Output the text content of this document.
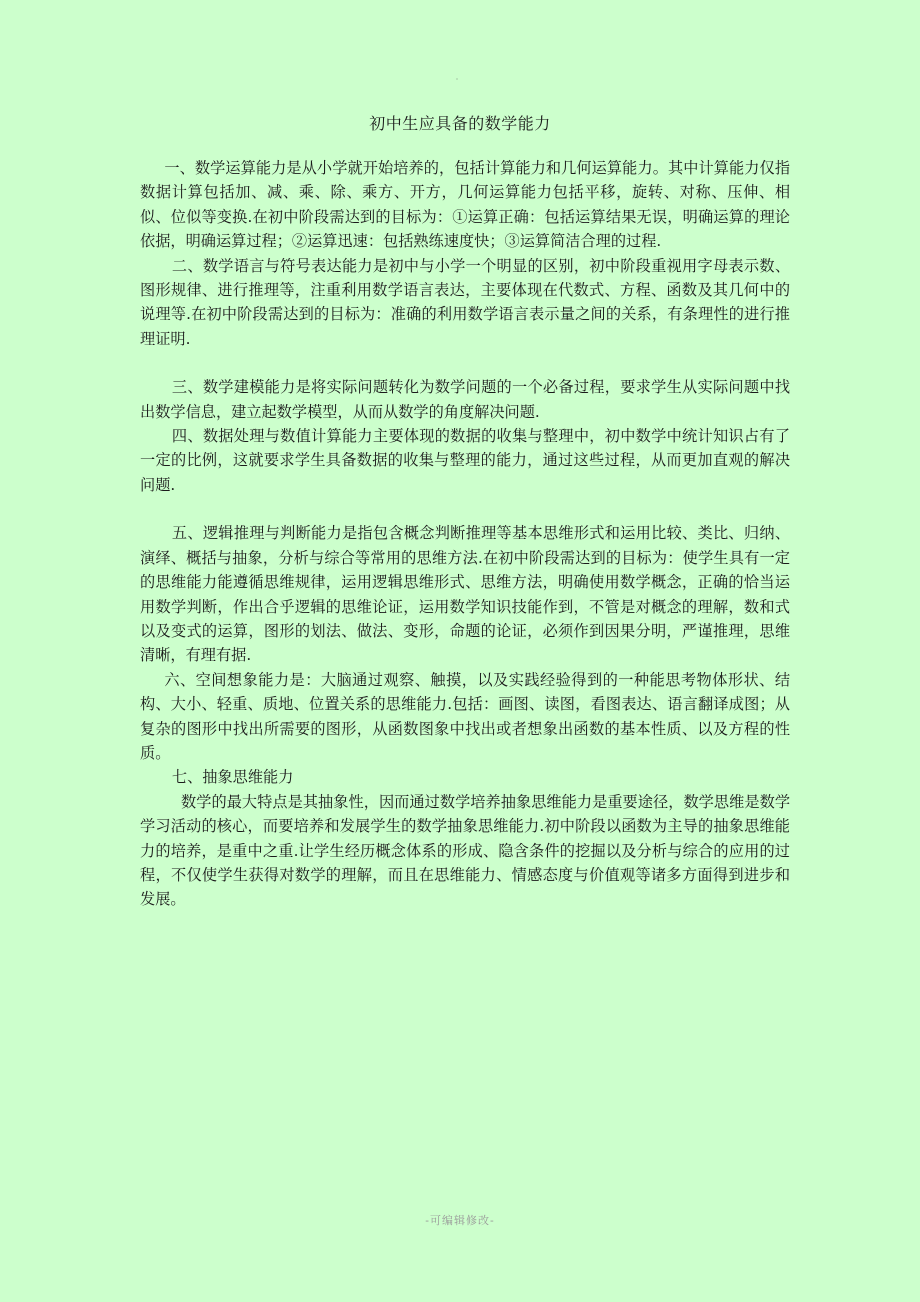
初中生应具备的数学能力

一、数学运算能力是从小学就开始培养的，包括计算能力和几何运算能力。其中计算能力仅指数据计算包括加、减、乘、除、乘方、开方，几何运算能力包括平移，旋转、对称、压伸、相似、位似等变换.在初中阶段需达到的目标为：①运算正确：包括运算结果无误，明确运算的理论依据，明确运算过程；②运算迅速：包括熟练速度快；③运算简洁合理的过程.

二、数学语言与符号表达能力是初中与小学一个明显的区别，初中阶段重视用字母表示数、图形规律、进行推理等，注重利用数学语言表达，主要体现在代数式、方程、函数及其几何中的说理等.在初中阶段需达到的目标为：准确的利用数学语言表示量之间的关系，有条理性的进行推理证明.

三、数学建模能力是将实际问题转化为数学问题的一个必备过程，要求学生从实际问题中找出数学信息，建立起数学模型，从而从数学的角度解决问题.

四、数据处理与数值计算能力主要体现的数据的收集与整理中，初中数学中统计知识占有了一定的比例，这就要求学生具备数据的收集与整理的能力，通过这些过程，从而更加直观的解决问题.

五、逻辑推理与判断能力是指包含概念判断推理等基本思维形式和运用比较、类比、归纳、演绎、概括与抽象，分析与综合等常用的思维方法.在初中阶段需达到的目标为：使学生具有一定的思维能力能遵循思维规律，运用逻辑思维形式、思维方法，明确使用数学概念，正确的恰当运用数学判断，作出合乎逻辑的思维论证，运用数学知识技能作到，不管是对概念的理解，数和式以及变式的运算，图形的划法、做法、变形，命题的论证，必须作到因果分明，严谨推理，思维清晰，有理有据.

六、空间想象能力是：大脑通过观察、触摸，以及实践经验得到的一种能思考物体形状、结构、大小、轻重、质地、位置关系的思维能力.包括：画图、读图，看图表达、语言翻译成图；从复杂的图形中找出所需要的图形，从函数图象中找出或者想象出函数的基本性质、以及方程的性质。

七、抽象思维能力

数学的最大特点是其抽象性，因而通过数学培养抽象思维能力是重要途径，数学思维是数学学习活动的核心，而要培养和发展学生的数学抽象思维能力.初中阶段以函数为主导的抽象思维能力的培养，是重中之重.让学生经历概念体系的形成、隐含条件的挖掘以及分析与综合的应用的过程，不仅使学生获得对数学的理解，而且在思维能力、情感态度与价值观等诸多方面得到进步和发展。

-可编辑修改-
